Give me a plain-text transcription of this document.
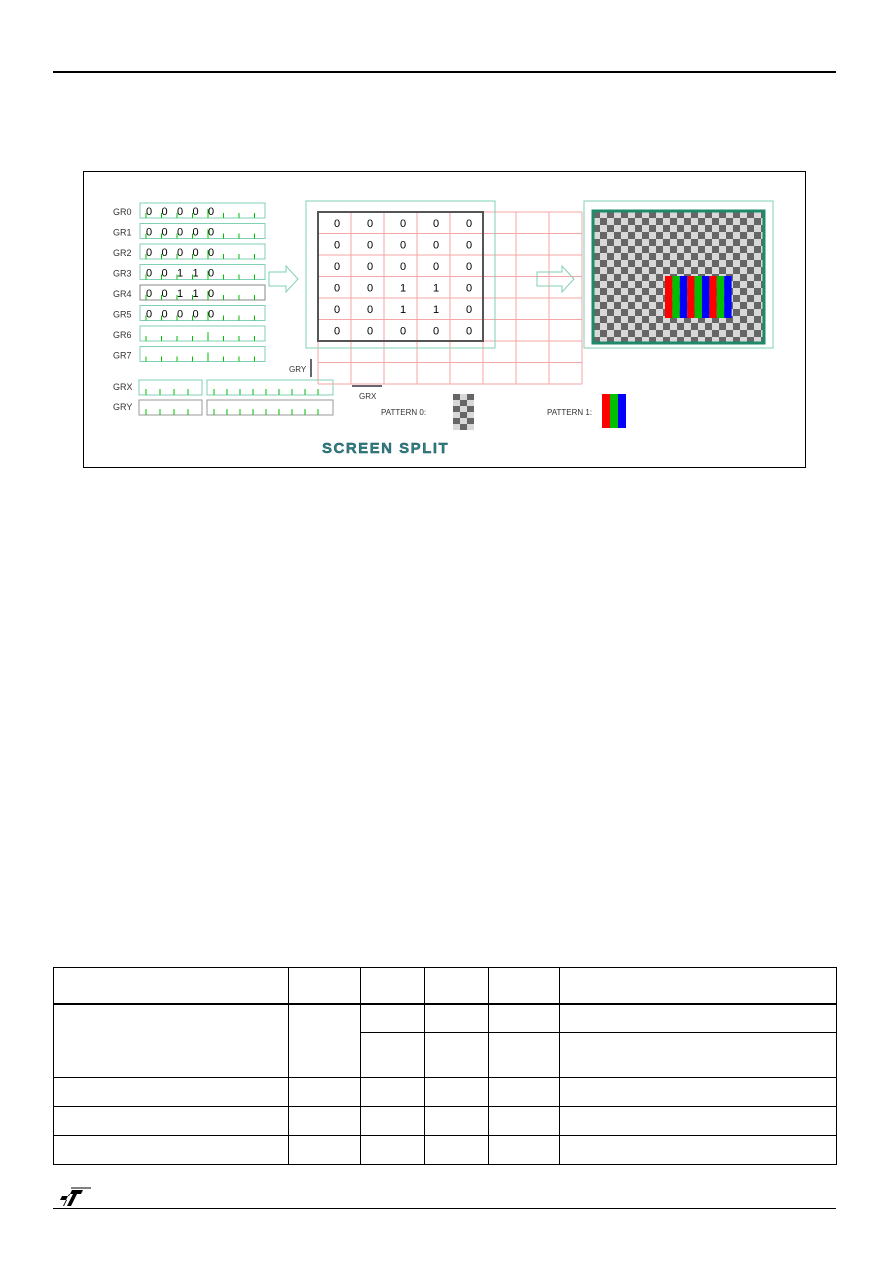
GR0 0 0 0 0 0
GR1 0 0 0 0 0
GR2 0 0 0 0 0
GR3 0 0 1 1 0
GR4 0 0 1 1 0
GR5 0 0 0 0 0
GR6
GR7
GRX
GRY
0 0 0 0 0
0 0 0 0 0
0 0 0 0 0
0 0 1 1 0
0 0 1 1 0
0 0 0 0 0
GRY
GRX
PATTERN 0:	PATTERN 1:
SCREEN SPLIT
